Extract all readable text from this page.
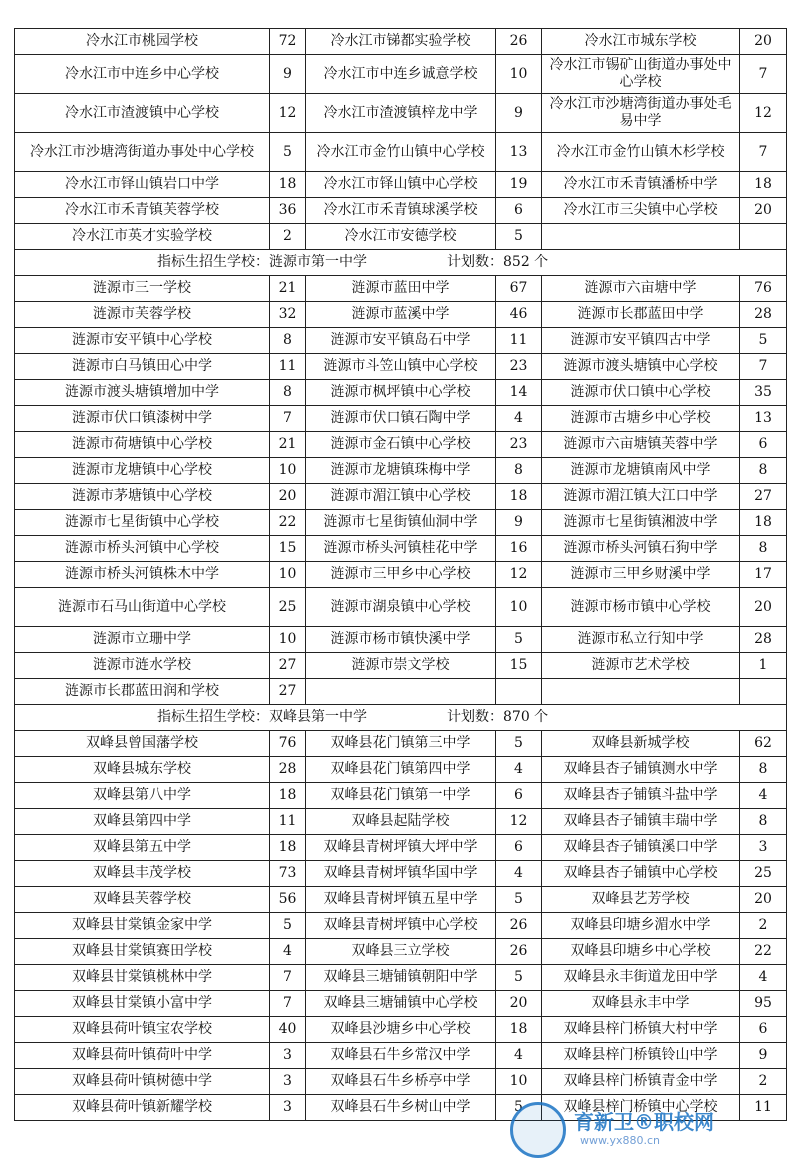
冷水江市桃园学校	72	冷水江市锑都实验学校	26	冷水江市城东学校	20
冷水江市中连乡中心学校	9	冷水江市中连乡诚意学校	10	冷水江市锡矿山街道办事处中心学校	7
冷水江市渣渡镇中心学校	12	冷水江市渣渡镇梓龙中学	9	冷水江市沙塘湾街道办事处毛易中学	12
冷水江市沙塘湾街道办事处中心学校	5	冷水江市金竹山镇中心学校	13	冷水江市金竹山镇木杉学校	7
冷水江市铎山镇岩口中学	18	冷水江市铎山镇中心学校	19	冷水江市禾青镇潘桥中学	18
冷水江市禾青镇芙蓉学校	36	冷水江市禾青镇球溪学校	6	冷水江市三尖镇中心学校	20
冷水江市英才实验学校	2	冷水江市安德学校	5		
指标生招生学校：涟源市第一中学 计划数：852 个					
涟源市三一学校	21	涟源市蓝田中学	67	涟源市六亩塘中学	76
涟源市芙蓉学校	32	涟源市蓝溪中学	46	涟源市长郡蓝田中学	28
涟源市安平镇中心学校	8	涟源市安平镇岛石中学	11	涟源市安平镇四古中学	5
涟源市白马镇田心中学	11	涟源市斗笠山镇中心学校	23	涟源市渡头塘镇中心学校	7
涟源市渡头塘镇增加中学	8	涟源市枫坪镇中心学校	14	涟源市伏口镇中心学校	35
涟源市伏口镇漆树中学	7	涟源市伏口镇石陶中学	4	涟源市古塘乡中心学校	13
涟源市荷塘镇中心学校	21	涟源市金石镇中心学校	23	涟源市六亩塘镇芙蓉中学	6
涟源市龙塘镇中心学校	10	涟源市龙塘镇珠梅中学	8	涟源市龙塘镇南风中学	8
涟源市茅塘镇中心学校	20	涟源市湄江镇中心学校	18	涟源市湄江镇大江口中学	27
涟源市七星街镇中心学校	22	涟源市七星街镇仙洞中学	9	涟源市七星街镇湘波中学	18
涟源市桥头河镇中心学校	15	涟源市桥头河镇桂花中学	16	涟源市桥头河镇石狗中学	8
涟源市桥头河镇株木中学	10	涟源市三甲乡中心学校	12	涟源市三甲乡财溪中学	17
涟源市石马山街道中心学校	25	涟源市湖泉镇中心学校	10	涟源市杨市镇中心学校	20
涟源市立珊中学	10	涟源市杨市镇快溪中学	5	涟源市私立行知中学	28
涟源市涟水学校	27	涟源市崇文学校	15	涟源市艺术学校	1
涟源市长郡蓝田润和学校	27				
指标生招生学校：双峰县第一中学 计划数：870 个					
双峰县曾国藩学校	76	双峰县花门镇第三中学	5	双峰县新城学校	62
双峰县城东学校	28	双峰县花门镇第四中学	4	双峰县杏子铺镇测水中学	8
双峰县第八中学	18	双峰县花门镇第一中学	6	双峰县杏子铺镇斗盐中学	4
双峰县第四中学	11	双峰县起陆学校	12	双峰县杏子铺镇丰瑞中学	8
双峰县第五中学	18	双峰县青树坪镇大坪中学	6	双峰县杏子铺镇溪口中学	3
双峰县丰茂学校	73	双峰县青树坪镇华国中学	4	双峰县杏子铺镇中心学校	25
双峰县芙蓉学校	56	双峰县青树坪镇五星中学	5	双峰县艺芳学校	20
双峰县甘棠镇金家中学	5	双峰县青树坪镇中心学校	26	双峰县印塘乡湄水中学	2
双峰县甘棠镇赛田学校	4	双峰县三立学校	26	双峰县印塘乡中心学校	22
双峰县甘棠镇桃林中学	7	双峰县三塘铺镇朝阳中学	5	双峰县永丰街道龙田中学	4
双峰县甘棠镇小富中学	7	双峰县三塘铺镇中心学校	20	双峰县永丰中学	95
双峰县荷叶镇宝农学校	40	双峰县沙塘乡中心学校	18	双峰县梓门桥镇大村中学	6
双峰县荷叶镇荷叶中学	3	双峰县石牛乡常汉中学	4	双峰县梓门桥镇铃山中学	9
双峰县荷叶镇树德中学	3	双峰县石牛乡桥亭中学	10	双峰县梓门桥镇青金中学	2
双峰县荷叶镇新耀学校	3	双峰县石牛乡树山中学	5	双峰县梓门桥镇中心学校	11
育新卫®职校网
www.yx880.cn
